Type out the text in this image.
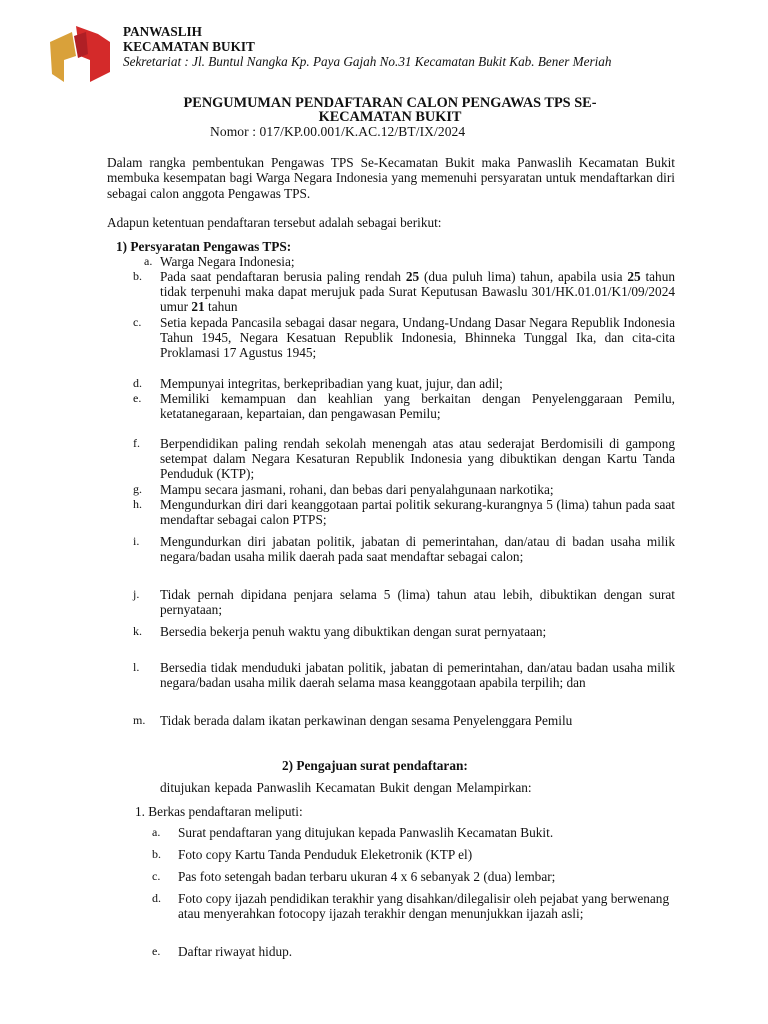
PANWASLIH
KECAMATAN BUKIT
Sekretariat : Jl. Buntul Nangka Kp. Paya Gajah No.31 Kecamatan Bukit Kab. Bener Meriah
PENGUMUMAN PENDAFTARAN CALON PENGAWAS TPS SE-
KECAMATAN BUKIT
Nomor : 017/KP.00.001/K.AC.12/BT/IX/2024
Dalam rangka pembentukan Pengawas TPS Se-Kecamatan Bukit maka Panwaslih Kecamatan Bukit membuka kesempatan bagi Warga Negara Indonesia yang memenuhi persyaratan untuk mendaftarkan diri sebagai calon anggota Pengawas TPS.
Adapun ketentuan pendaftaran tersebut adalah sebagai berikut:
1) Persyaratan Pengawas TPS:
a. Warga Negara Indonesia;
b.	Pada saat pendaftaran berusia paling rendah 25 (dua puluh lima) tahun, apabila usia 25 tahun tidak terpenuhi maka dapat merujuk pada Surat Keputusan Bawaslu 301/HK.01.01/K1/09/2024 umur 21 tahun
c.	Setia kepada Pancasila sebagai dasar negara, Undang-Undang Dasar Negara Republik Indonesia Tahun 1945, Negara Kesatuan Republik Indonesia, Bhinneka Tunggal Ika, dan cita-cita Proklamasi 17 Agustus 1945;
d.	Mempunyai integritas, berkepribadian yang kuat, jujur, dan adil;
e.	Memiliki kemampuan dan keahlian yang berkaitan dengan Penyelenggaraan Pemilu, ketatanegaraan, kepartaian, dan pengawasan Pemilu;
f.	Berpendidikan paling rendah sekolah menengah atas atau sederajat Berdomisili di gampong setempat dalam Negara Kesaturan Republik Indonesia yang dibuktikan dengan Kartu Tanda Penduduk (KTP);
g.	Mampu secara jasmani, rohani, dan bebas dari penyalahgunaan narkotika;
h.	Mengundurkan diri dari keanggotaan partai politik sekurang-kurangnya 5 (lima) tahun pada saat mendaftar sebagai calon PTPS;
i.	Mengundurkan diri jabatan politik, jabatan di pemerintahan, dan/atau di badan usaha milik negara/badan usaha milik daerah pada saat mendaftar sebagai calon;
j.	Tidak pernah dipidana penjara selama 5 (lima) tahun atau lebih, dibuktikan dengan surat pernyataan;
k.	Bersedia bekerja penuh waktu yang dibuktikan dengan surat pernyataan;
l.	Bersedia tidak menduduki jabatan politik, jabatan di pemerintahan, dan/atau badan usaha milik negara/badan usaha milik daerah selama masa keanggotaan apabila terpilih; dan
m.	Tidak berada dalam ikatan perkawinan dengan sesama Penyelenggara Pemilu
2) Pengajuan surat pendaftaran:
ditujukan kepada Panwaslih Kecamatan Bukit dengan Melampirkan:
1. Berkas pendaftaran meliputi:
a.	Surat pendaftaran yang ditujukan kepada Panwaslih Kecamatan Bukit.
b.	Foto copy Kartu Tanda Penduduk Eleketronik (KTP el)
c.	Pas foto setengah badan terbaru ukuran 4 x 6 sebanyak 2 (dua) lembar;
d.	Foto copy ijazah pendidikan terakhir yang disahkan/dilegalisir oleh pejabat yang berwenang atau menyerahkan fotocopy ijazah terakhir dengan menunjukkan ijazah asli;
e.	Daftar riwayat hidup.
